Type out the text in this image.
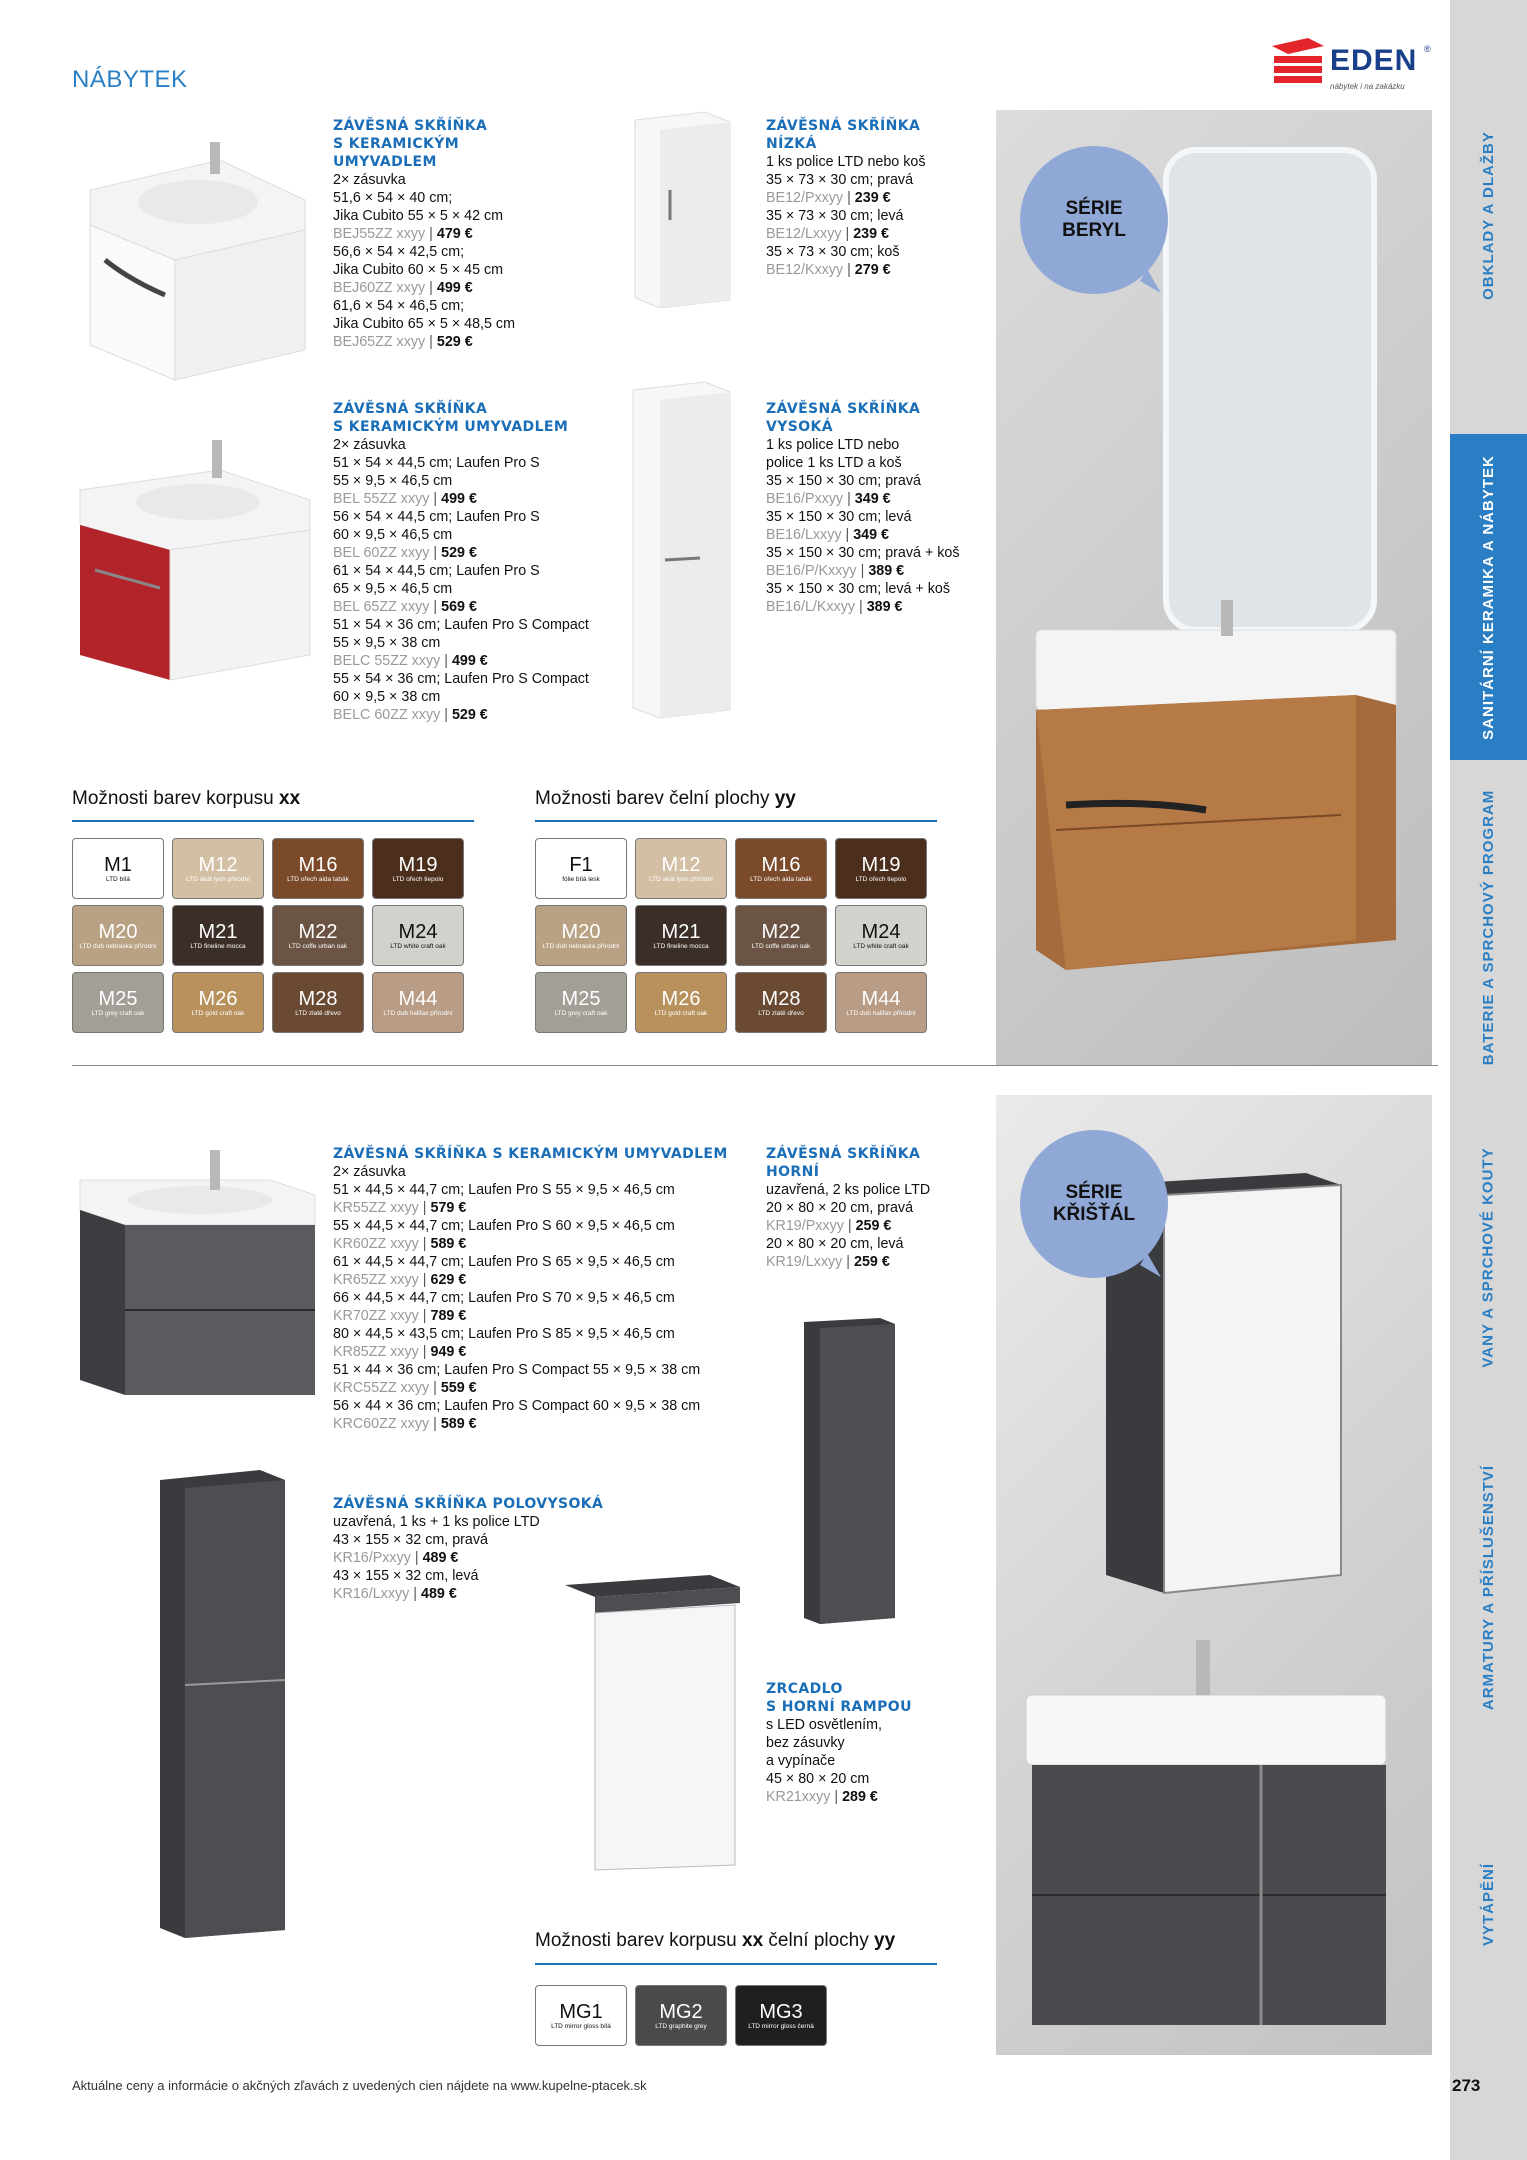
NÁBYTEK
EDEN ®
nábytek i na zakázku
OBKLADY A DLAŽBY
SANITÁRNÍ KERAMIKA A NÁBYTEK
BATERIE A SPRCHOVÝ PROGRAM
VANY A SPRCHOVÉ KOUTY
ARMATURY A PŘÍSLUŠENSTVÍ
VYTÁPĚNÍ
ZÁVĚSNÁ SKŘÍŇKA
S KERAMICKÝM
UMYVADLEM
2× zásuvka
51,6 × 54 × 40 cm;
Jika Cubito 55 × 5 × 42 cm
BEJ55ZZ xxyy | 479 €
56,6 × 54 × 42,5 cm;
Jika Cubito 60 × 5 × 45 cm
BEJ60ZZ xxyy | 499 €
61,6 × 54 × 46,5 cm;
Jika Cubito 65 × 5 × 48,5 cm
BEJ65ZZ xxyy | 529 €
ZÁVĚSNÁ SKŘÍŇKA
NÍZKÁ
1 ks police LTD nebo koš
35 × 73 × 30 cm; pravá
BE12/Pxxyy | 239 €
35 × 73 × 30 cm; levá
BE12/Lxxyy | 239 €
35 × 73 × 30 cm; koš
BE12/Kxxyy | 279 €
ZÁVĚSNÁ SKŘÍŇKA
S KERAMICKÝM UMYVADLEM
2× zásuvka
51 × 54 × 44,5 cm; Laufen Pro S
55 × 9,5 × 46,5 cm
BEL 55ZZ xxyy | 499 €
56 × 54 × 44,5 cm; Laufen Pro S
60 × 9,5 × 46,5 cm
BEL 60ZZ xxyy | 529 €
61 × 54 × 44,5 cm; Laufen Pro S
65 × 9,5 × 46,5 cm
BEL 65ZZ xxyy | 569 €
51 × 54 × 36 cm; Laufen Pro S Compact
55 × 9,5 × 38 cm
BELC 55ZZ xxyy | 499 €
55 × 54 × 36 cm; Laufen Pro S Compact
60 × 9,5 × 38 cm
BELC 60ZZ xxyy | 529 €
ZÁVĚSNÁ SKŘÍŇKA
VYSOKÁ
1 ks police LTD nebo
police 1 ks LTD a koš
35 × 150 × 30 cm; pravá
BE16/Pxxyy | 349 €
35 × 150 × 30 cm; levá
BE16/Lxxyy | 349 €
35 × 150 × 30 cm; pravá + koš
BE16/P/Kxxyy | 389 €
35 × 150 × 30 cm; levá + koš
BE16/L/Kxxyy | 389 €
SÉRIE
BERYL
Možnosti barev korpusu xx
M1
LTD bílá
M12
LTD akát lyon přírodní
M16
LTD ořech aida tabák
M19
LTD ořech tiepolo
M20
LTD dub nebraska přírodní
M21
LTD fineline mocca
M22
LTD coffe urban oak
M24
LTD white craft oak
M25
LTD grey craft oak
M26
LTD gold craft oak
M28
LTD zlatě dřevo
M44
LTD dub halifax přírodní
Možnosti barev čelní plochy yy
F1
fólie bílá lesk
M12
LTD akát lyon přírodní
M16
LTD ořech aida tabák
M19
LTD ořech tiepolo
M20
LTD dub nebraska přírodní
M21
LTD fineline mocca
M22
LTD coffe urban oak
M24
LTD white craft oak
M25
LTD grey craft oak
M26
LTD gold craft oak
M28
LTD zlatě dřevo
M44
LTD dub halifax přírodní
ZÁVĚSNÁ SKŘÍŇKA S KERAMICKÝM UMYVADLEM
2× zásuvka
51 × 44,5 × 44,7 cm; Laufen Pro S 55 × 9,5 × 46,5 cm
KR55ZZ xxyy | 579 €
55 × 44,5 × 44,7 cm; Laufen Pro S 60 × 9,5 × 46,5 cm
KR60ZZ xxyy | 589 €
61 × 44,5 × 44,7 cm; Laufen Pro S 65 × 9,5 × 46,5 cm
KR65ZZ xxyy | 629 €
66 × 44,5 × 44,7 cm; Laufen Pro S 70 × 9,5 × 46,5 cm
KR70ZZ xxyy | 789 €
80 × 44,5 × 43,5 cm; Laufen Pro S 85 × 9,5 × 46,5 cm
KR85ZZ xxyy | 949 €
51 × 44 × 36 cm; Laufen Pro S Compact 55 × 9,5 × 38 cm
KRC55ZZ xxyy | 559 €
56 × 44 × 36 cm; Laufen Pro S Compact 60 × 9,5 × 38 cm
KRC60ZZ xxyy | 589 €
ZÁVĚSNÁ SKŘÍŇKA
HORNÍ
uzavřená, 2 ks police LTD
20 × 80 × 20 cm, pravá
KR19/Pxxyy | 259 €
20 × 80 × 20 cm, levá
KR19/Lxxyy | 259 €
ZÁVĚSNÁ SKŘÍŇKA POLOVYSOKÁ
uzavřená, 1 ks + 1 ks police LTD
43 × 155 × 32 cm, pravá
KR16/Pxxyy | 489 €
43 × 155 × 32 cm, levá
KR16/Lxxyy | 489 €
ZRCADLO
S HORNÍ RAMPOU
s LED osvětlením,
bez zásuvky
a vypínače
45 × 80 × 20 cm
KR21xxyy | 289 €
SÉRIE
KŘIŠŤÁL
Možnosti barev korpusu xx čelní plochy yy
MG1
LTD mirror gloss bílá
MG2
LTD graphite grey
MG3
LTD mirror gloss černá
Aktuálne ceny a informácie o akčných zľavách z uvedených cien nájdete na www.kupelne-ptacek.sk	273
